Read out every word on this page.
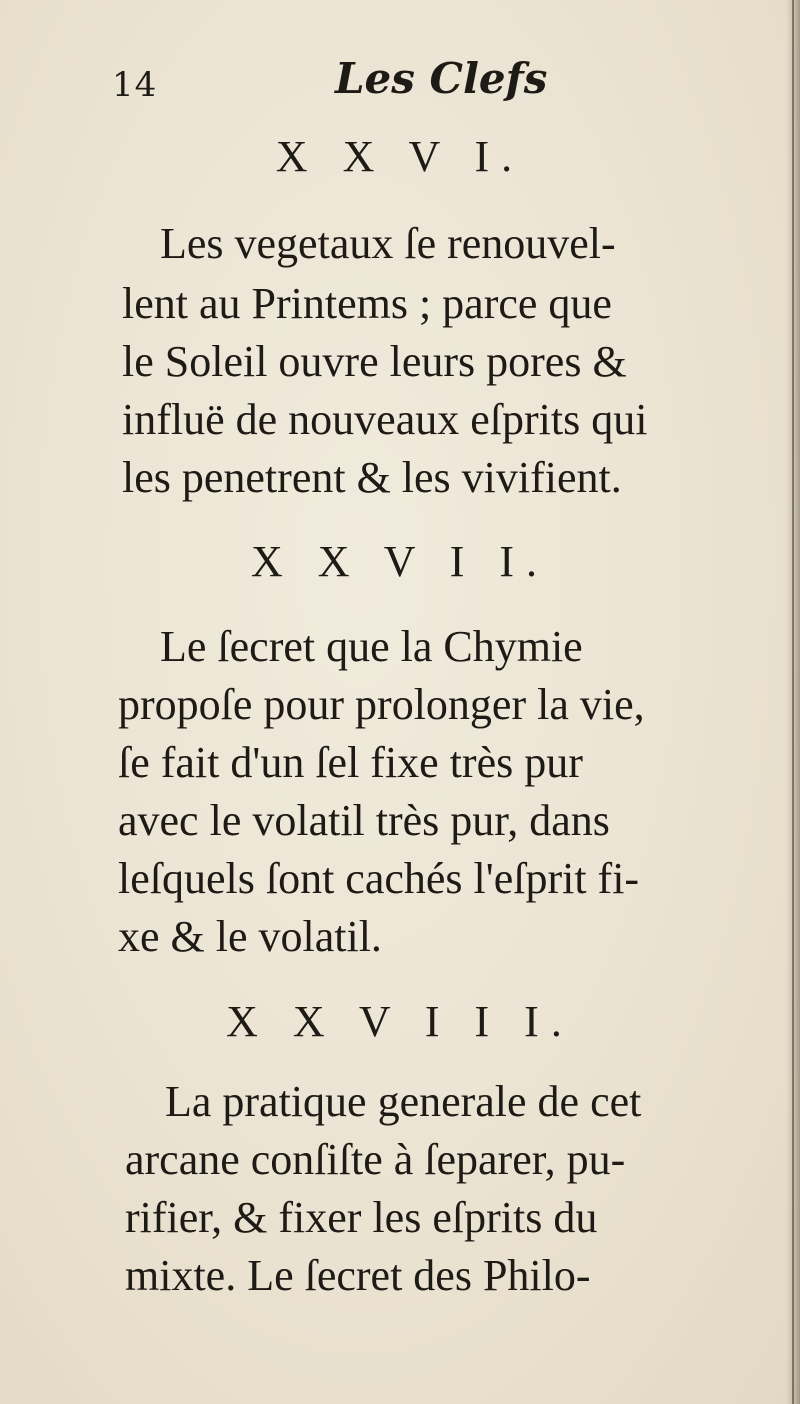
14	Les Clefs
X X V I.
Les vegetaux ſe renouvel-
lent au Printems ; parce que
le Soleil ouvre leurs pores &
influë de nouveaux eſprits qui
les penetrent & les vivifient.
X X V I I.
Le ſecret que la Chymie
propoſe pour prolonger la vie,
ſe fait d'un ſel fixe très pur
avec le volatil très pur, dans
leſquels ſont cachés l'eſprit fi-
xe & le volatil.
X X V I I I.
La pratique generale de cet
arcane conſiſte à ſeparer, pu-
rifier, & fixer les eſprits du
mixte. Le ſecret des Philo-
